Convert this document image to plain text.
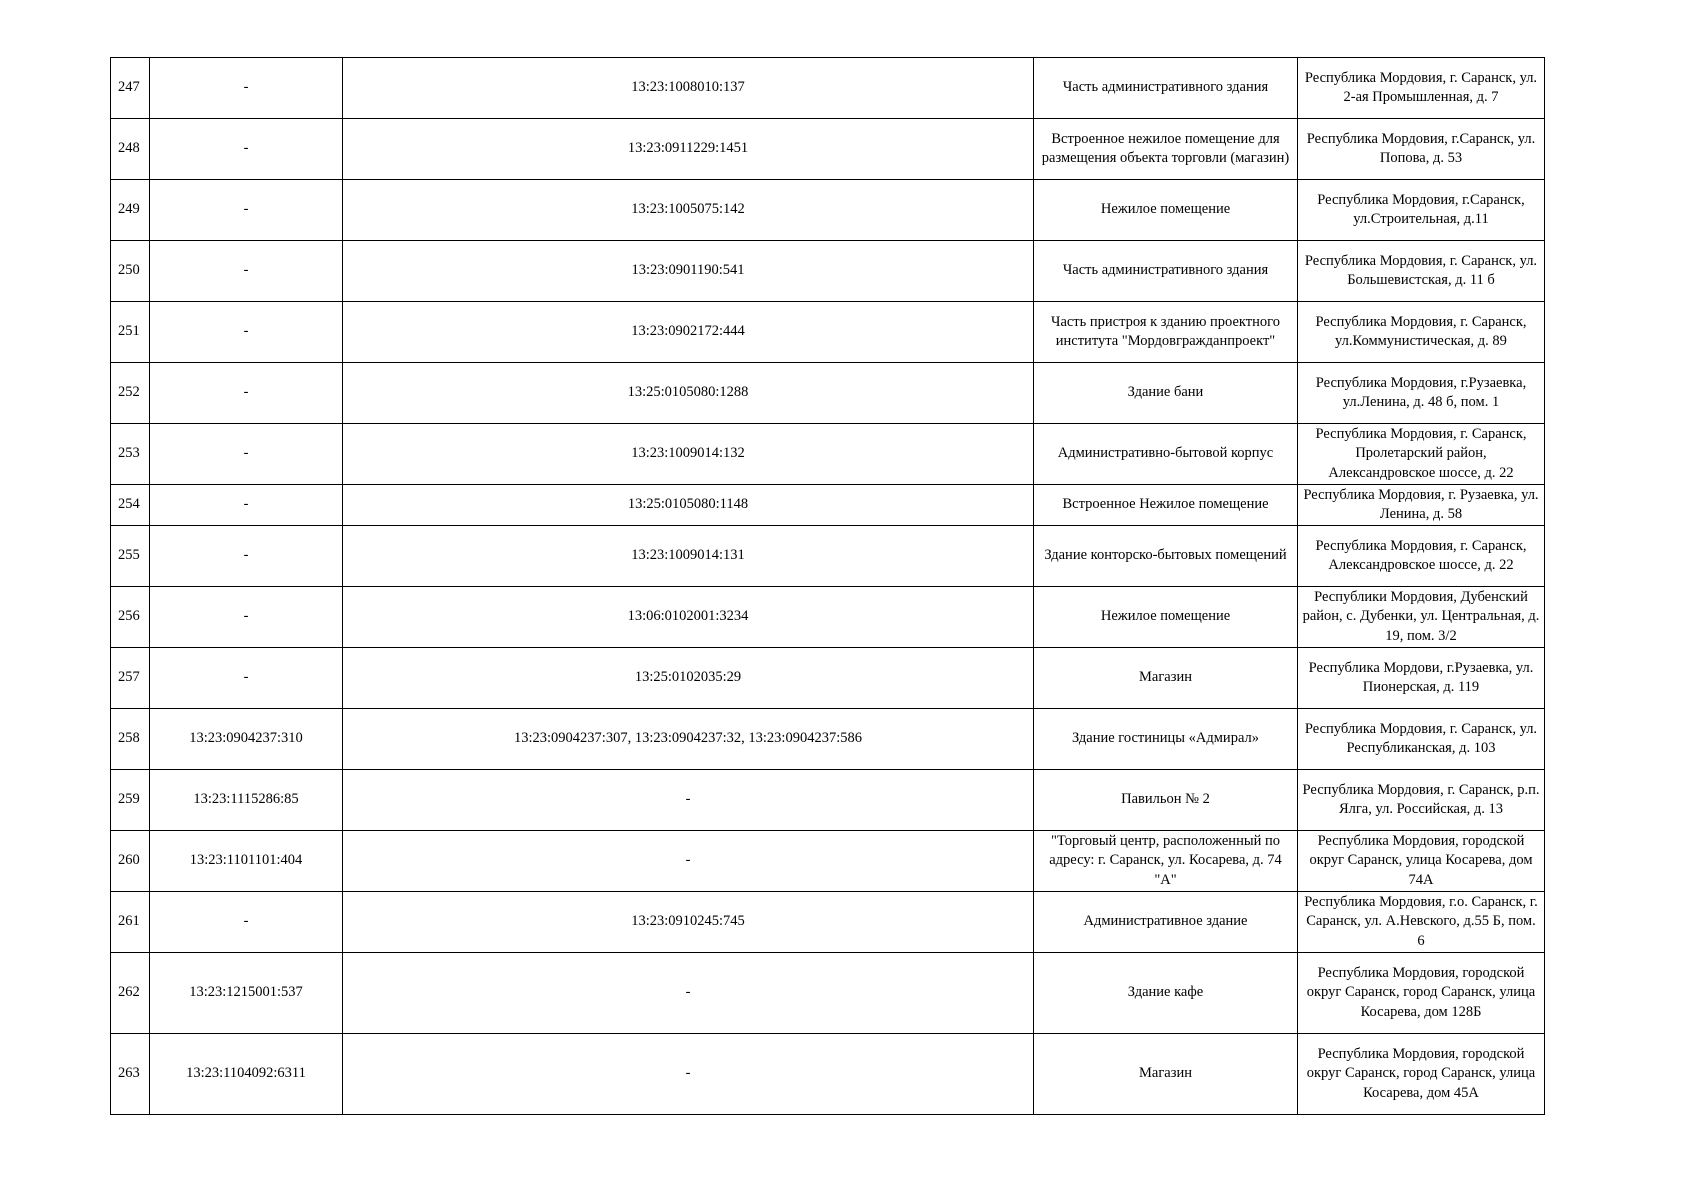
247	-	13:23:1008010:137	Часть административного здания	Республика Мордовия, г. Саранск, ул. 2-ая Промышленная, д. 7
248	-	13:23:0911229:1451	Встроенное нежилое помещение для размещения объекта торговли (магазин)	Республика Мордовия, г.Саранск, ул. Попова, д. 53
249	-	13:23:1005075:142	Нежилое помещение	Республика Мордовия, г.Саранск, ул.Строительная, д.11
250	-	13:23:0901190:541	Часть административного здания	Республика Мордовия, г. Саранск, ул. Большевистская, д. 11 б
251	-	13:23:0902172:444	Часть пристроя к зданию проектного института "Мордовгражданпроект"	Республика Мордовия, г. Саранск, ул.Коммунистическая, д. 89
252	-	13:25:0105080:1288	Здание бани	Республика Мордовия, г.Рузаевка, ул.Ленина, д. 48 б, пом. 1
253	-	13:23:1009014:132	Административно-бытовой корпус	Республика Мордовия, г. Саранск, Пролетарский район, Александровское шоссе, д. 22
254	-	13:25:0105080:1148	Встроенное Нежилое помещение	Республика Мордовия, г. Рузаевка, ул. Ленина, д. 58
255	-	13:23:1009014:131	Здание конторско-бытовых помещений	Республика Мордовия, г. Саранск, Александровское шоссе, д. 22
256	-	13:06:0102001:3234	Нежилое помещение	Республики Мордовия, Дубенский район, с. Дубенки, ул. Центральная, д. 19, пом. 3/2
257	-	13:25:0102035:29	Магазин	Республика Мордови, г.Рузаевка, ул. Пионерская, д. 119
258	13:23:0904237:310	13:23:0904237:307, 13:23:0904237:32, 13:23:0904237:586	Здание гостиницы «Адмирал»	Республика Мордовия, г. Саранск, ул. Республиканская, д. 103
259	13:23:1115286:85	-	Павильон № 2	Республика Мордовия, г. Саранск, р.п. Ялга, ул. Российская, д. 13
260	13:23:1101101:404	-	"Торговый центр, расположенный по адресу: г. Саранск, ул. Косарева, д. 74 "А"	Республика Мордовия, городской округ Саранск, улица Косарева, дом 74А
261	-	13:23:0910245:745	Административное здание	Республика Мордовия, г.о. Саранск, г. Саранск, ул. А.Невского, д.55 Б, пом. 6
262	13:23:1215001:537	-	Здание кафе	Республика Мордовия, городской округ Саранск, город Саранск, улица Косарева, дом 128Б
263	13:23:1104092:6311	-	Магазин	Республика Мордовия, городской округ Саранск, город Саранск, улица Косарева, дом 45А
